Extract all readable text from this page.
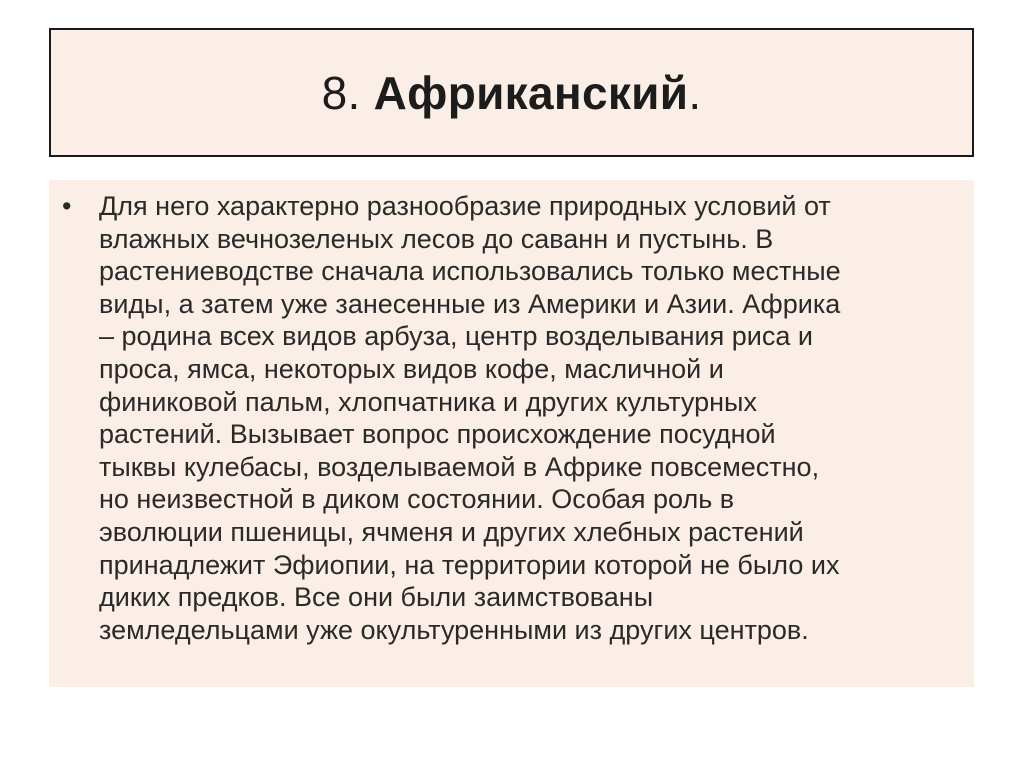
8. Африканский.
• Для него характерно разнообразие природных условий от
влажных вечнозеленых лесов до саванн и пустынь. В
растениеводстве сначала использовались только местные
виды, а затем уже занесенные из Америки и Азии. Африка
– родина всех видов арбуза, центр возделывания риса и
проса, ямса, некоторых видов кофе, масличной и
финиковой пальм, хлопчатника и других культурных
растений. Вызывает вопрос происхождение посудной
тыквы кулебасы, возделываемой в Африке повсеместно,
но неизвестной в диком состоянии. Особая роль в
эволюции пшеницы, ячменя и других хлебных растений
принадлежит Эфиопии, на территории которой не было их
диких предков. Все они были заимствованы
земледельцами уже окультуренными из других центров.
